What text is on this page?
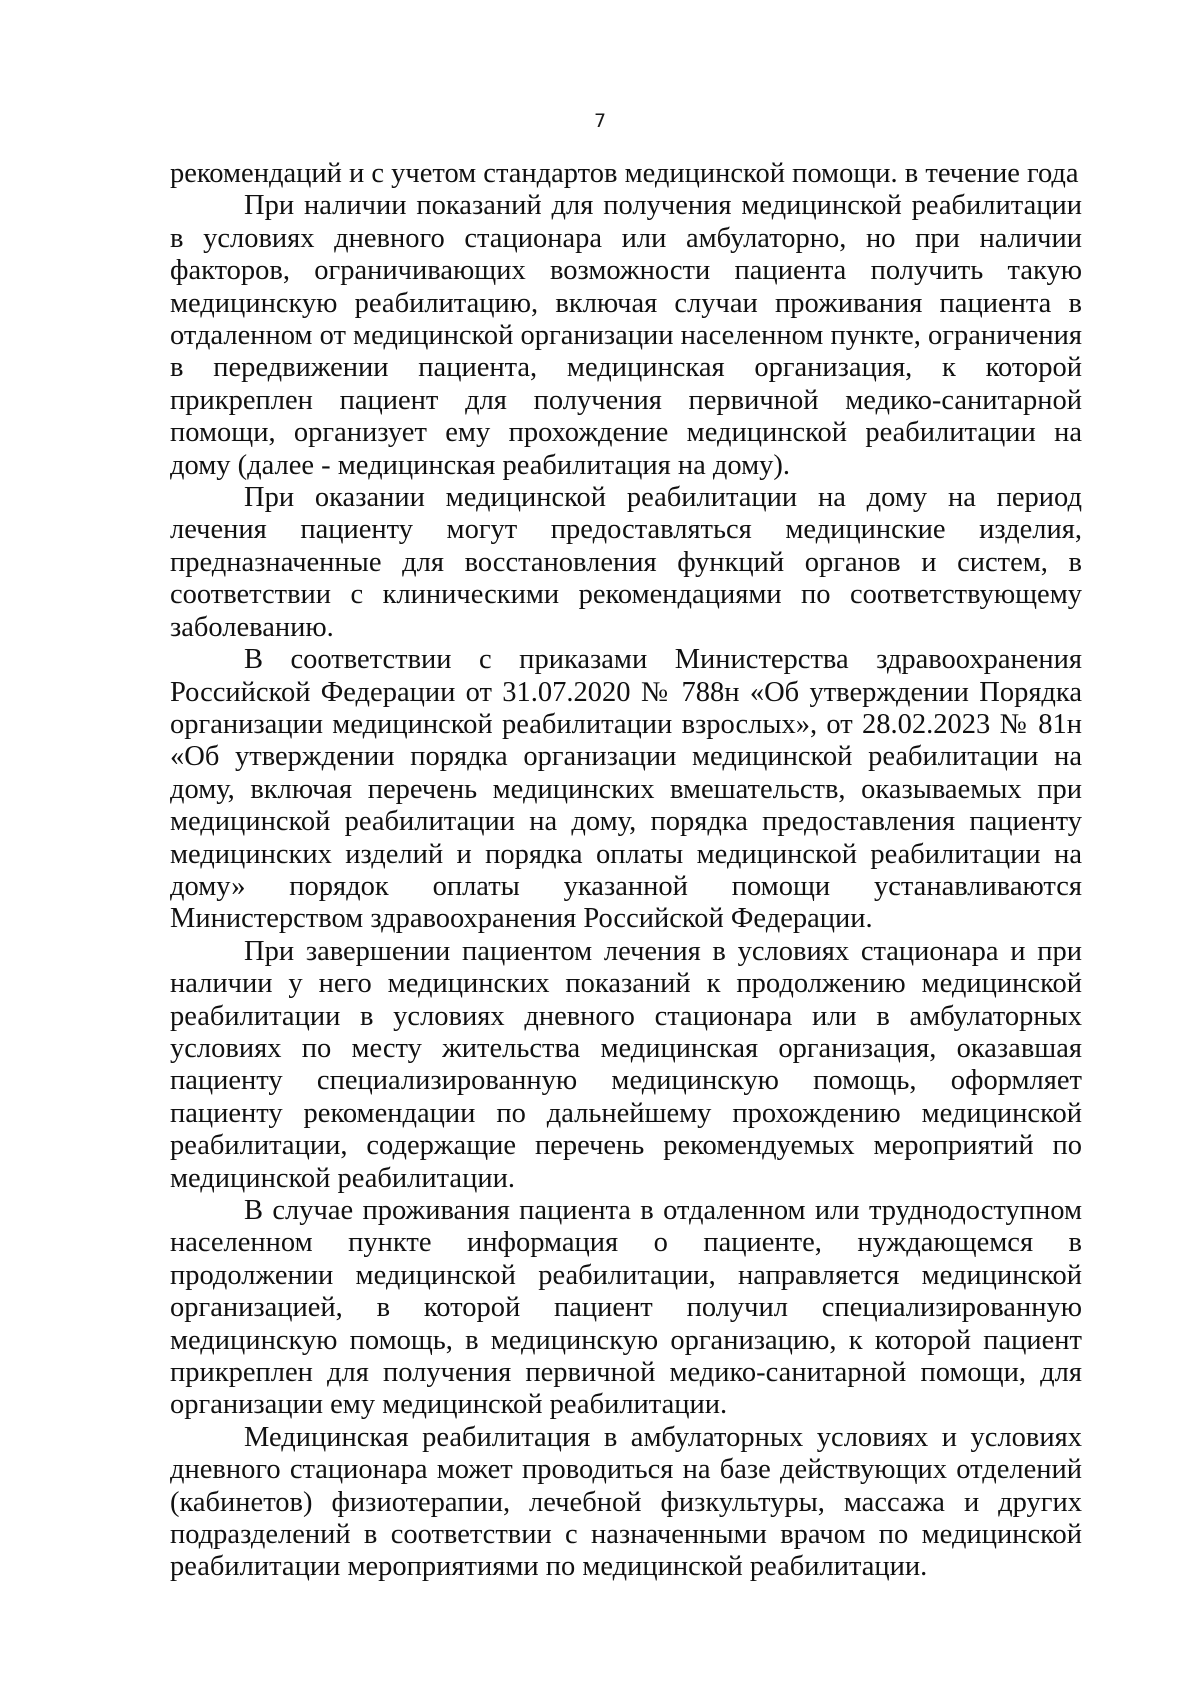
7

рекомендаций и с учетом стандартов медицинской помощи. в течение года

При наличии показаний для получения медицинской реабилитации в условиях дневного стационара или амбулаторно, но при наличии факторов, ограничивающих возможности пациента получить такую медицинскую реабилитацию, включая случаи проживания пациента в отдаленном от медицинской организации населенном пункте, ограничения в передвижении пациента, медицинская организация, к которой прикреплен пациент для получения первичной медико-санитарной помощи, организует ему прохождение медицинской реабилитации на дому (далее - медицинская реабилитация на дому).

При оказании медицинской реабилитации на дому на период лечения пациенту могут предоставляться медицинские изделия, предназначенные для восстановления функций органов и систем, в соответствии с клиническими рекомендациями по соответствующему заболеванию.

В соответствии с приказами Министерства здравоохранения Российской Федерации от 31.07.2020 № 788н «Об утверждении Порядка организации медицинской реабилитации взрослых», от 28.02.2023 № 81н «Об утверждении порядка организации медицинской реабилитации на дому, включая перечень медицинских вмешательств, оказываемых при медицинской реабилитации на дому, порядка предоставления пациенту медицинских изделий и порядка оплаты медицинской реабилитации на дому» порядок оплаты указанной помощи устанавливаются Министерством здравоохранения Российской Федерации.

При завершении пациентом лечения в условиях стационара и при наличии у него медицинских показаний к продолжению медицинской реабилитации в условиях дневного стационара или в амбулаторных условиях по месту жительства медицинская организация, оказавшая пациенту специализированную медицинскую помощь, оформляет пациенту рекомендации по дальнейшему прохождению медицинской реабилитации, содержащие перечень рекомендуемых мероприятий по медицинской реабилитации.

В случае проживания пациента в отдаленном или труднодоступном населенном пункте информация о пациенте, нуждающемся в продолжении медицинской реабилитации, направляется медицинской организацией, в которой пациент получил специализированную медицинскую помощь, в медицинскую организацию, к которой пациент прикреплен для получения первичной медико-санитарной помощи, для организации ему медицинской реабилитации.

Медицинская реабилитация в амбулаторных условиях и условиях дневного стационара может проводиться на базе действующих отделений (кабинетов) физиотерапии, лечебной физкультуры, массажа и других подразделений в соответствии с назначенными врачом по медицинской реабилитации мероприятиями по медицинской реабилитации.
